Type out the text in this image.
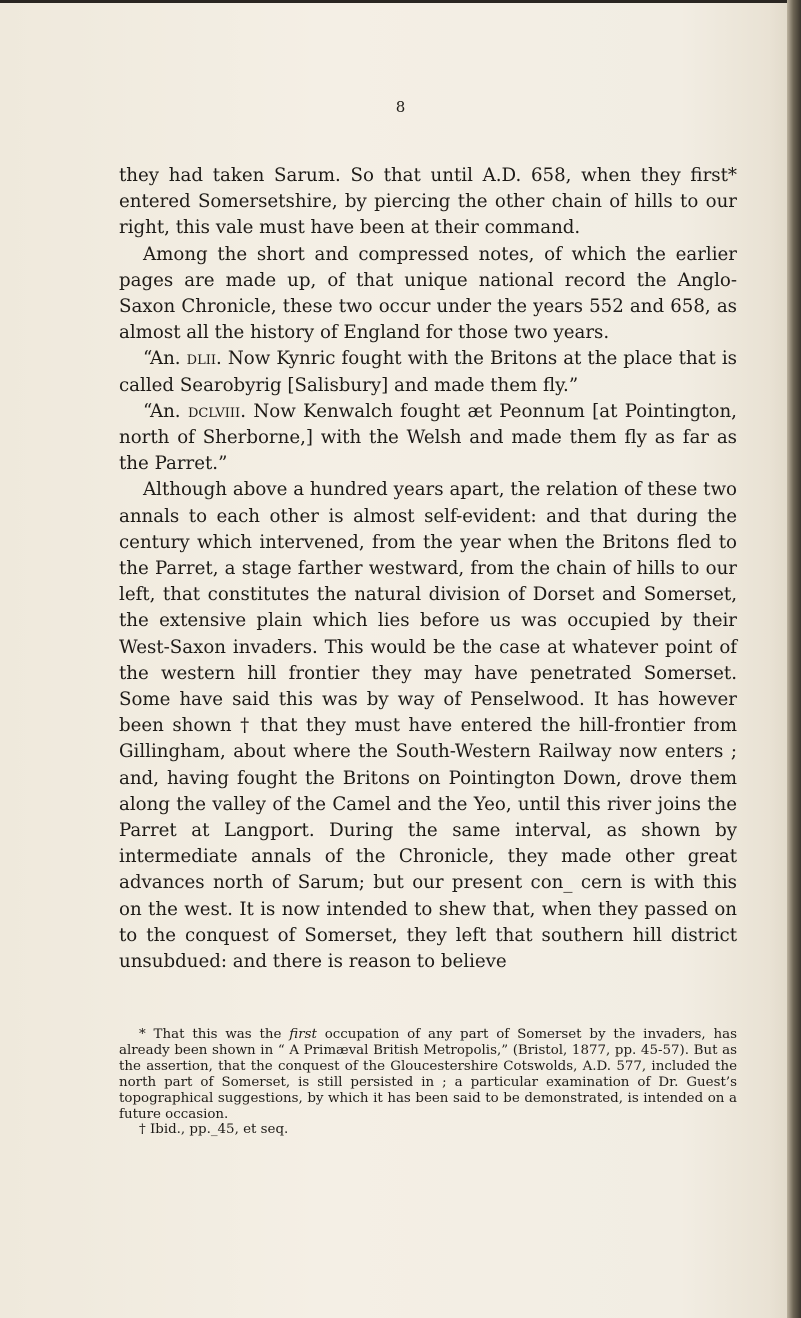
8

they had taken Sarum. So that until A.D. 658, when they first* entered Somersetshire, by piercing the other chain of hills to our right, this vale must have been at their command.

Among the short and compressed notes, of which the earlier pages are made up, of that unique national record the Anglo-Saxon Chronicle, these two occur under the years 552 and 658, as almost all the history of England for those two years.

“An. dlii. Now Kynric fought with the Britons at the place that is called Searobyrig [Salisbury] and made them fly.”

“An. dclviii. Now Kenwalch fought æt Peonnum [at Pointington, north of Sherborne,] with the Welsh and made them fly as far as the Parret.”

Although above a hundred years apart, the relation of these two annals to each other is almost self-evident: and that during the century which intervened, from the year when the Britons fled to the Parret, a stage farther westward, from the chain of hills to our left, that constitutes the natural division of Dorset and Somerset, the extensive plain which lies before us was occupied by their West-Saxon invaders. This would be the case at whatever point of the western hill frontier they may have penetrated Somerset. Some have said this was by way of Penselwood. It has however been shown † that they must have entered the hill-frontier from Gillingham, about where the South-Western Railway now enters ; and, having fought the Britons on Pointington Down, drove them along the valley of the Camel and the Yeo, until this river joins the Parret at Langport. During the same interval, as shown by intermediate annals of the Chronicle, they made other great advances north of Sarum; but our present con_ cern is with this on the west. It is now intended to shew that, when they passed on to the conquest of Somerset, they left that southern hill district unsubdued: and there is reason to believe

* That this was the first occupation of any part of Somerset by the invaders, has already been shown in “ A Primæval British Metropolis,” (Bristol, 1877, pp. 45-57). But as the assertion, that the conquest of the Gloucestershire Cotswolds, A.D. 577, included the north part of Somerset, is still persisted in ; a particular examination of Dr. Guest’s topographical suggestions, by which it has been said to be demonstrated, is intended on a future occasion.

† Ibid., pp._45, et seq.
